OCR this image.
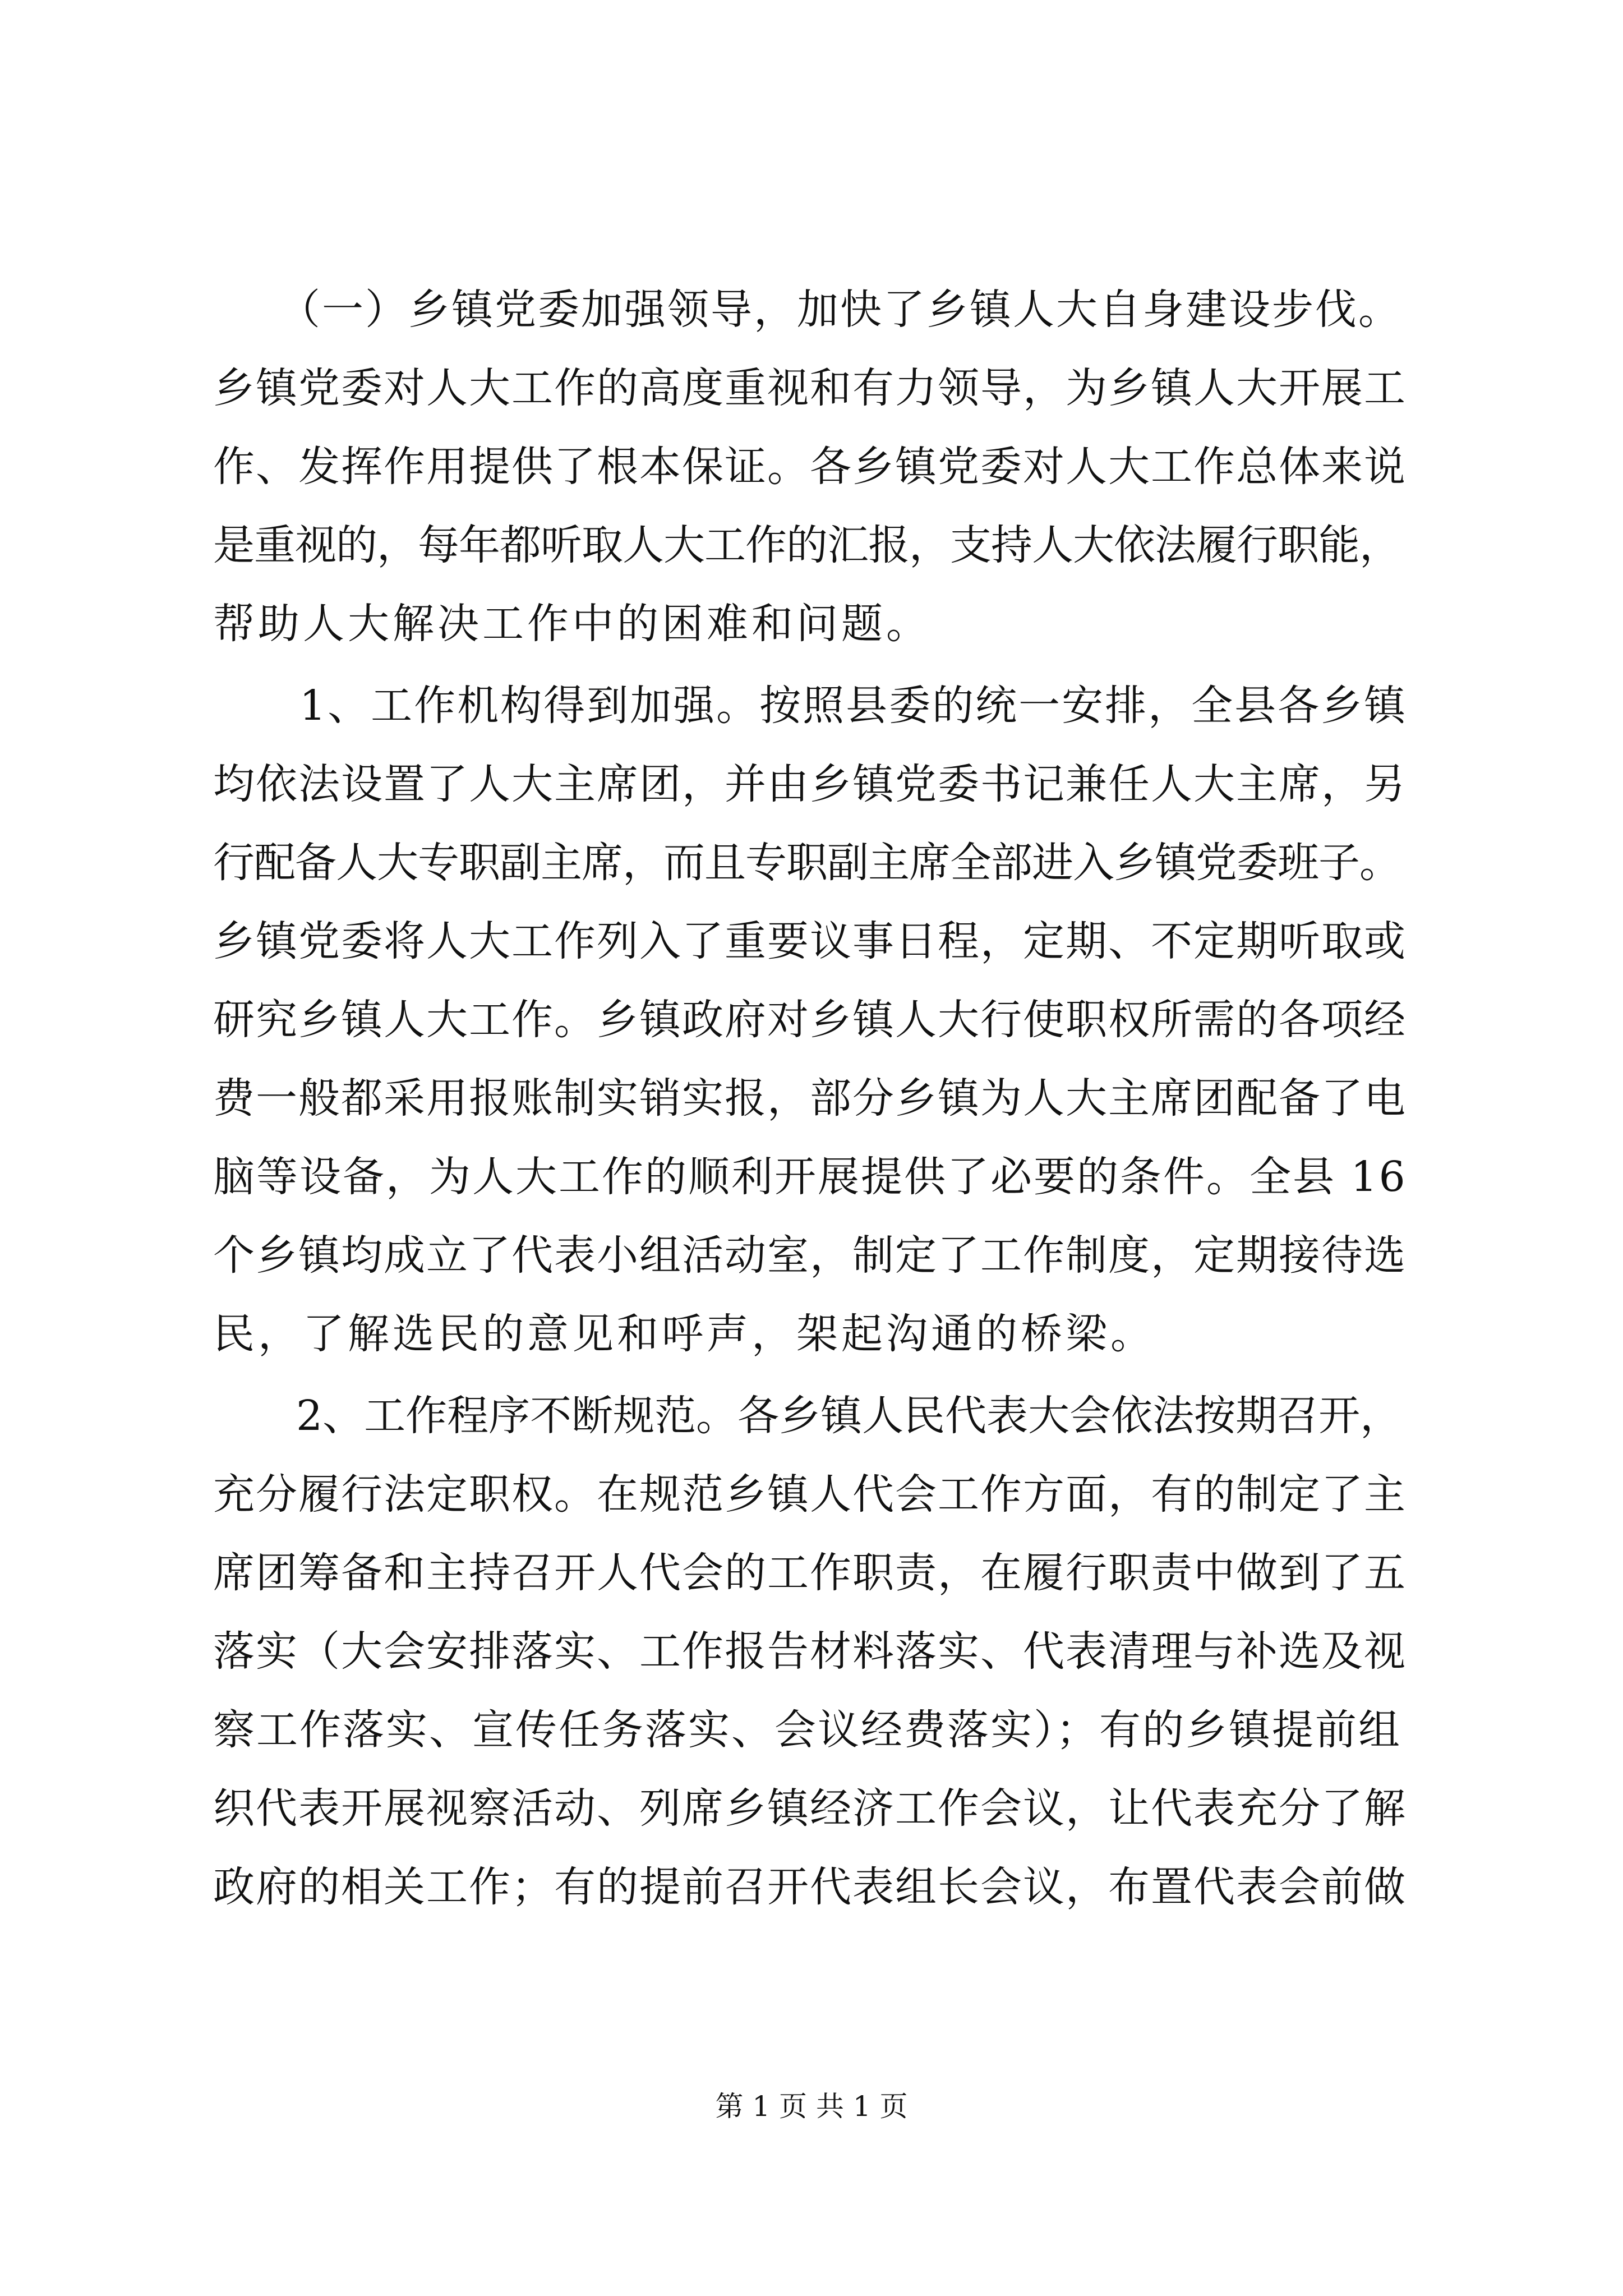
　　（一）乡镇党委加强领导，加快了乡镇人大自身建设步伐。
乡镇党委对人大工作的高度重视和有力领导，为乡镇人大开展工
作、发挥作用提供了根本保证。各乡镇党委对人大工作总体来说
是重视的，每年都听取人大工作的汇报，支持人大依法履行职能，
帮助人大解决工作中的困难和问题。
　　1、工作机构得到加强。按照县委的统一安排，全县各乡镇
均依法设置了人大主席团，并由乡镇党委书记兼任人大主席，另
行配备人大专职副主席，而且专职副主席全部进入乡镇党委班子。
乡镇党委将人大工作列入了重要议事日程，定期、不定期听取或
研究乡镇人大工作。乡镇政府对乡镇人大行使职权所需的各项经
费一般都采用报账制实销实报，部分乡镇为人大主席团配备了电
脑等设备，为人大工作的顺利开展提供了必要的条件。全县 16
个乡镇均成立了代表小组活动室，制定了工作制度，定期接待选
民，了解选民的意见和呼声，架起沟通的桥梁。
　　2、工作程序不断规范。各乡镇人民代表大会依法按期召开，
充分履行法定职权。在规范乡镇人代会工作方面，有的制定了主
席团筹备和主持召开人代会的工作职责，在履行职责中做到了五
落实（大会安排落实、工作报告材料落实、代表清理与补选及视
察工作落实、宣传任务落实、会议经费落实）；有的乡镇提前组
织代表开展视察活动、列席乡镇经济工作会议，让代表充分了解
政府的相关工作；有的提前召开代表组长会议，布置代表会前做
第 1 页 共 1 页
